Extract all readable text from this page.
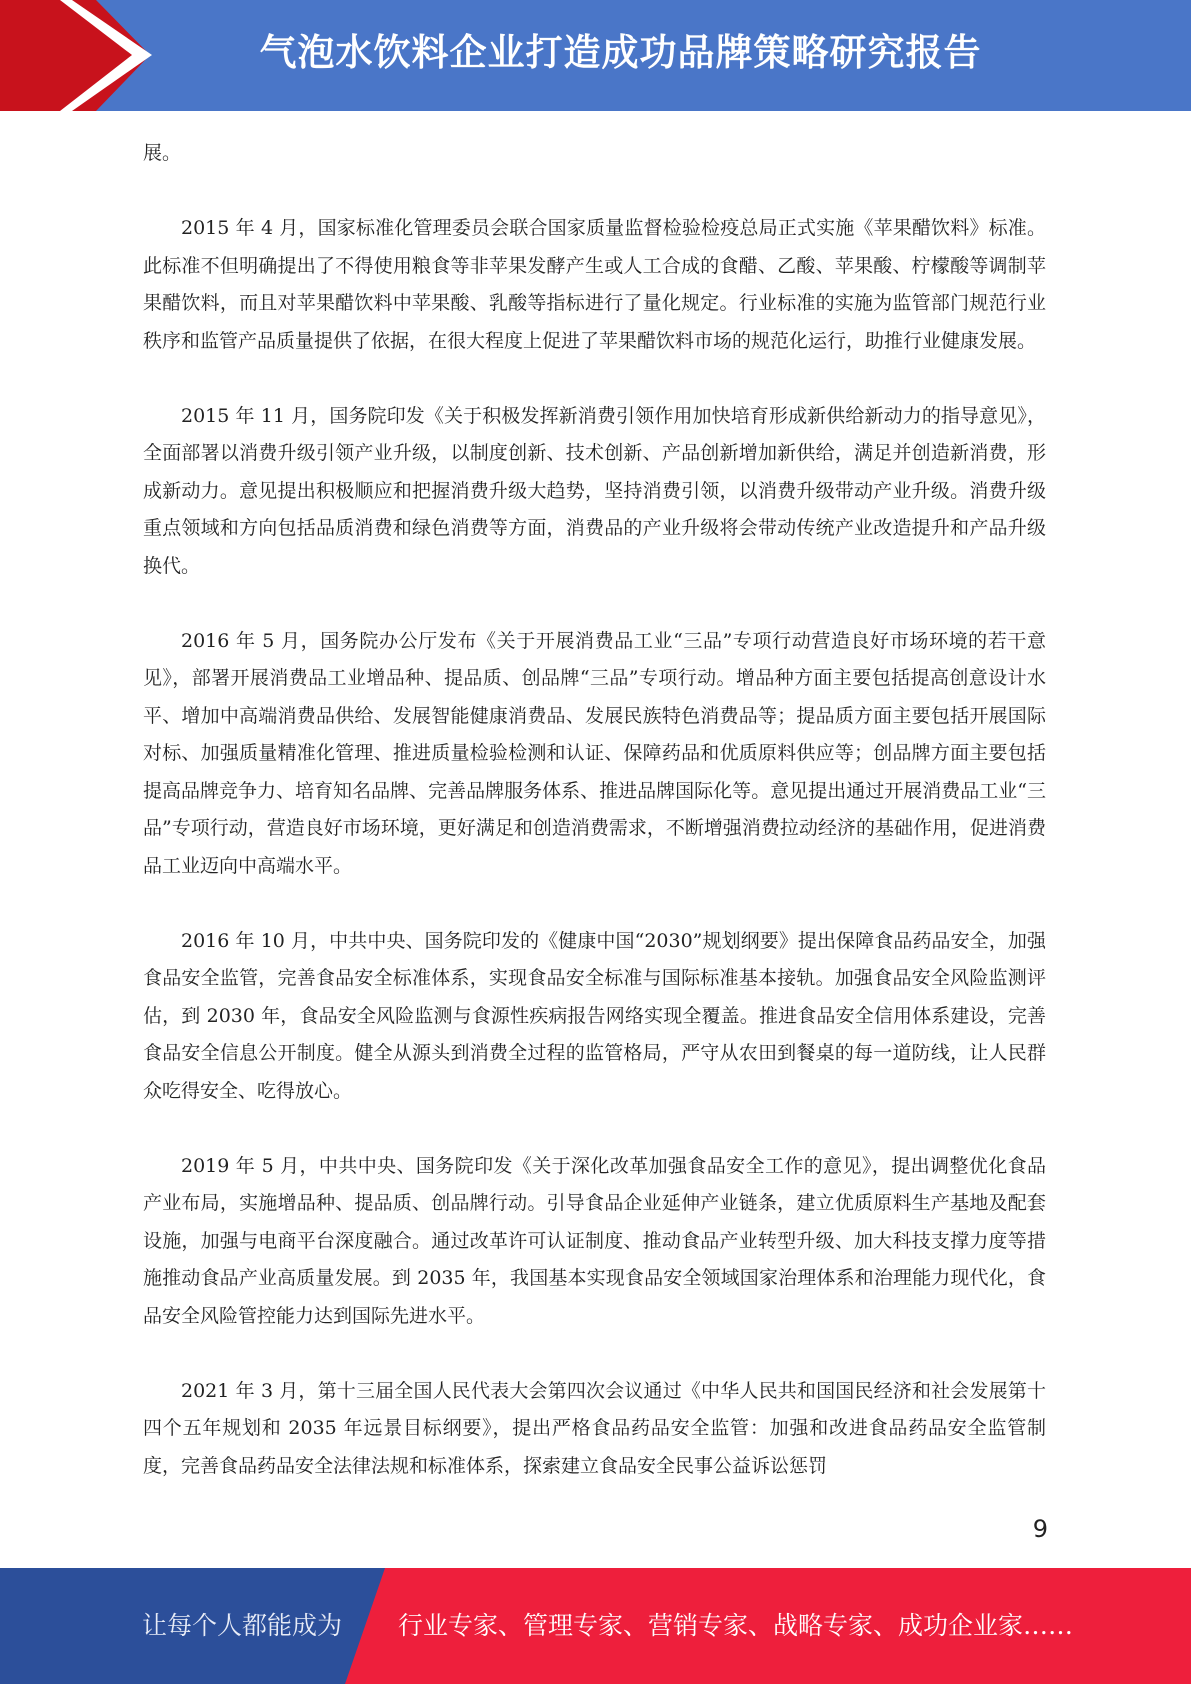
气泡水饮料企业打造成功品牌策略研究报告

展。

2015 年 4 月，国家标准化管理委员会联合国家质量监督检验检疫总局正式实施《苹果醋饮料》标准。此标准不但明确提出了不得使用粮食等非苹果发酵产生或人工合成的食醋、乙酸、苹果酸、柠檬酸等调制苹果醋饮料，而且对苹果醋饮料中苹果酸、乳酸等指标进行了量化规定。行业标准的实施为监管部门规范行业秩序和监管产品质量提供了依据，在很大程度上促进了苹果醋饮料市场的规范化运行，助推行业健康发展。

2015 年 11 月，国务院印发《关于积极发挥新消费引领作用加快培育形成新供给新动力的指导意见》，全面部署以消费升级引领产业升级，以制度创新、技术创新、产品创新增加新供给，满足并创造新消费，形成新动力。意见提出积极顺应和把握消费升级大趋势，坚持消费引领，以消费升级带动产业升级。消费升级重点领域和方向包括品质消费和绿色消费等方面，消费品的产业升级将会带动传统产业改造提升和产品升级换代。

2016 年 5 月，国务院办公厅发布《关于开展消费品工业“三品”专项行动营造良好市场环境的若干意见》，部署开展消费品工业增品种、提品质、创品牌“三品”专项行动。增品种方面主要包括提高创意设计水平、增加中高端消费品供给、发展智能健康消费品、发展民族特色消费品等；提品质方面主要包括开展国际对标、加强质量精准化管理、推进质量检验检测和认证、保障药品和优质原料供应等；创品牌方面主要包括提高品牌竞争力、培育知名品牌、完善品牌服务体系、推进品牌国际化等。意见提出通过开展消费品工业“三品”专项行动，营造良好市场环境，更好满足和创造消费需求，不断增强消费拉动经济的基础作用，促进消费品工业迈向中高端水平。

2016 年 10 月，中共中央、国务院印发的《健康中国“2030”规划纲要》提出保障食品药品安全，加强食品安全监管，完善食品安全标准体系，实现食品安全标准与国际标准基本接轨。加强食品安全风险监测评估，到 2030 年，食品安全风险监测与食源性疾病报告网络实现全覆盖。推进食品安全信用体系建设，完善食品安全信息公开制度。健全从源头到消费全过程的监管格局，严守从农田到餐桌的每一道防线，让人民群众吃得安全、吃得放心。

2019 年 5 月，中共中央、国务院印发《关于深化改革加强食品安全工作的意见》，提出调整优化食品产业布局，实施增品种、提品质、创品牌行动。引导食品企业延伸产业链条，建立优质原料生产基地及配套设施，加强与电商平台深度融合。通过改革许可认证制度、推动食品产业转型升级、加大科技支撑力度等措施推动食品产业高质量发展。到 2035 年，我国基本实现食品安全领域国家治理体系和治理能力现代化，食品安全风险管控能力达到国际先进水平。

2021 年 3 月，第十三届全国人民代表大会第四次会议通过《中华人民共和国国民经济和社会发展第十四个五年规划和 2035 年远景目标纲要》，提出严格食品药品安全监管：加强和改进食品药品安全监管制度，完善食品药品安全法律法规和标准体系，探索建立食品安全民事公益诉讼惩罚

9
让每个人都能成为 行业专家、管理专家、营销专家、战略专家、成功企业家……
